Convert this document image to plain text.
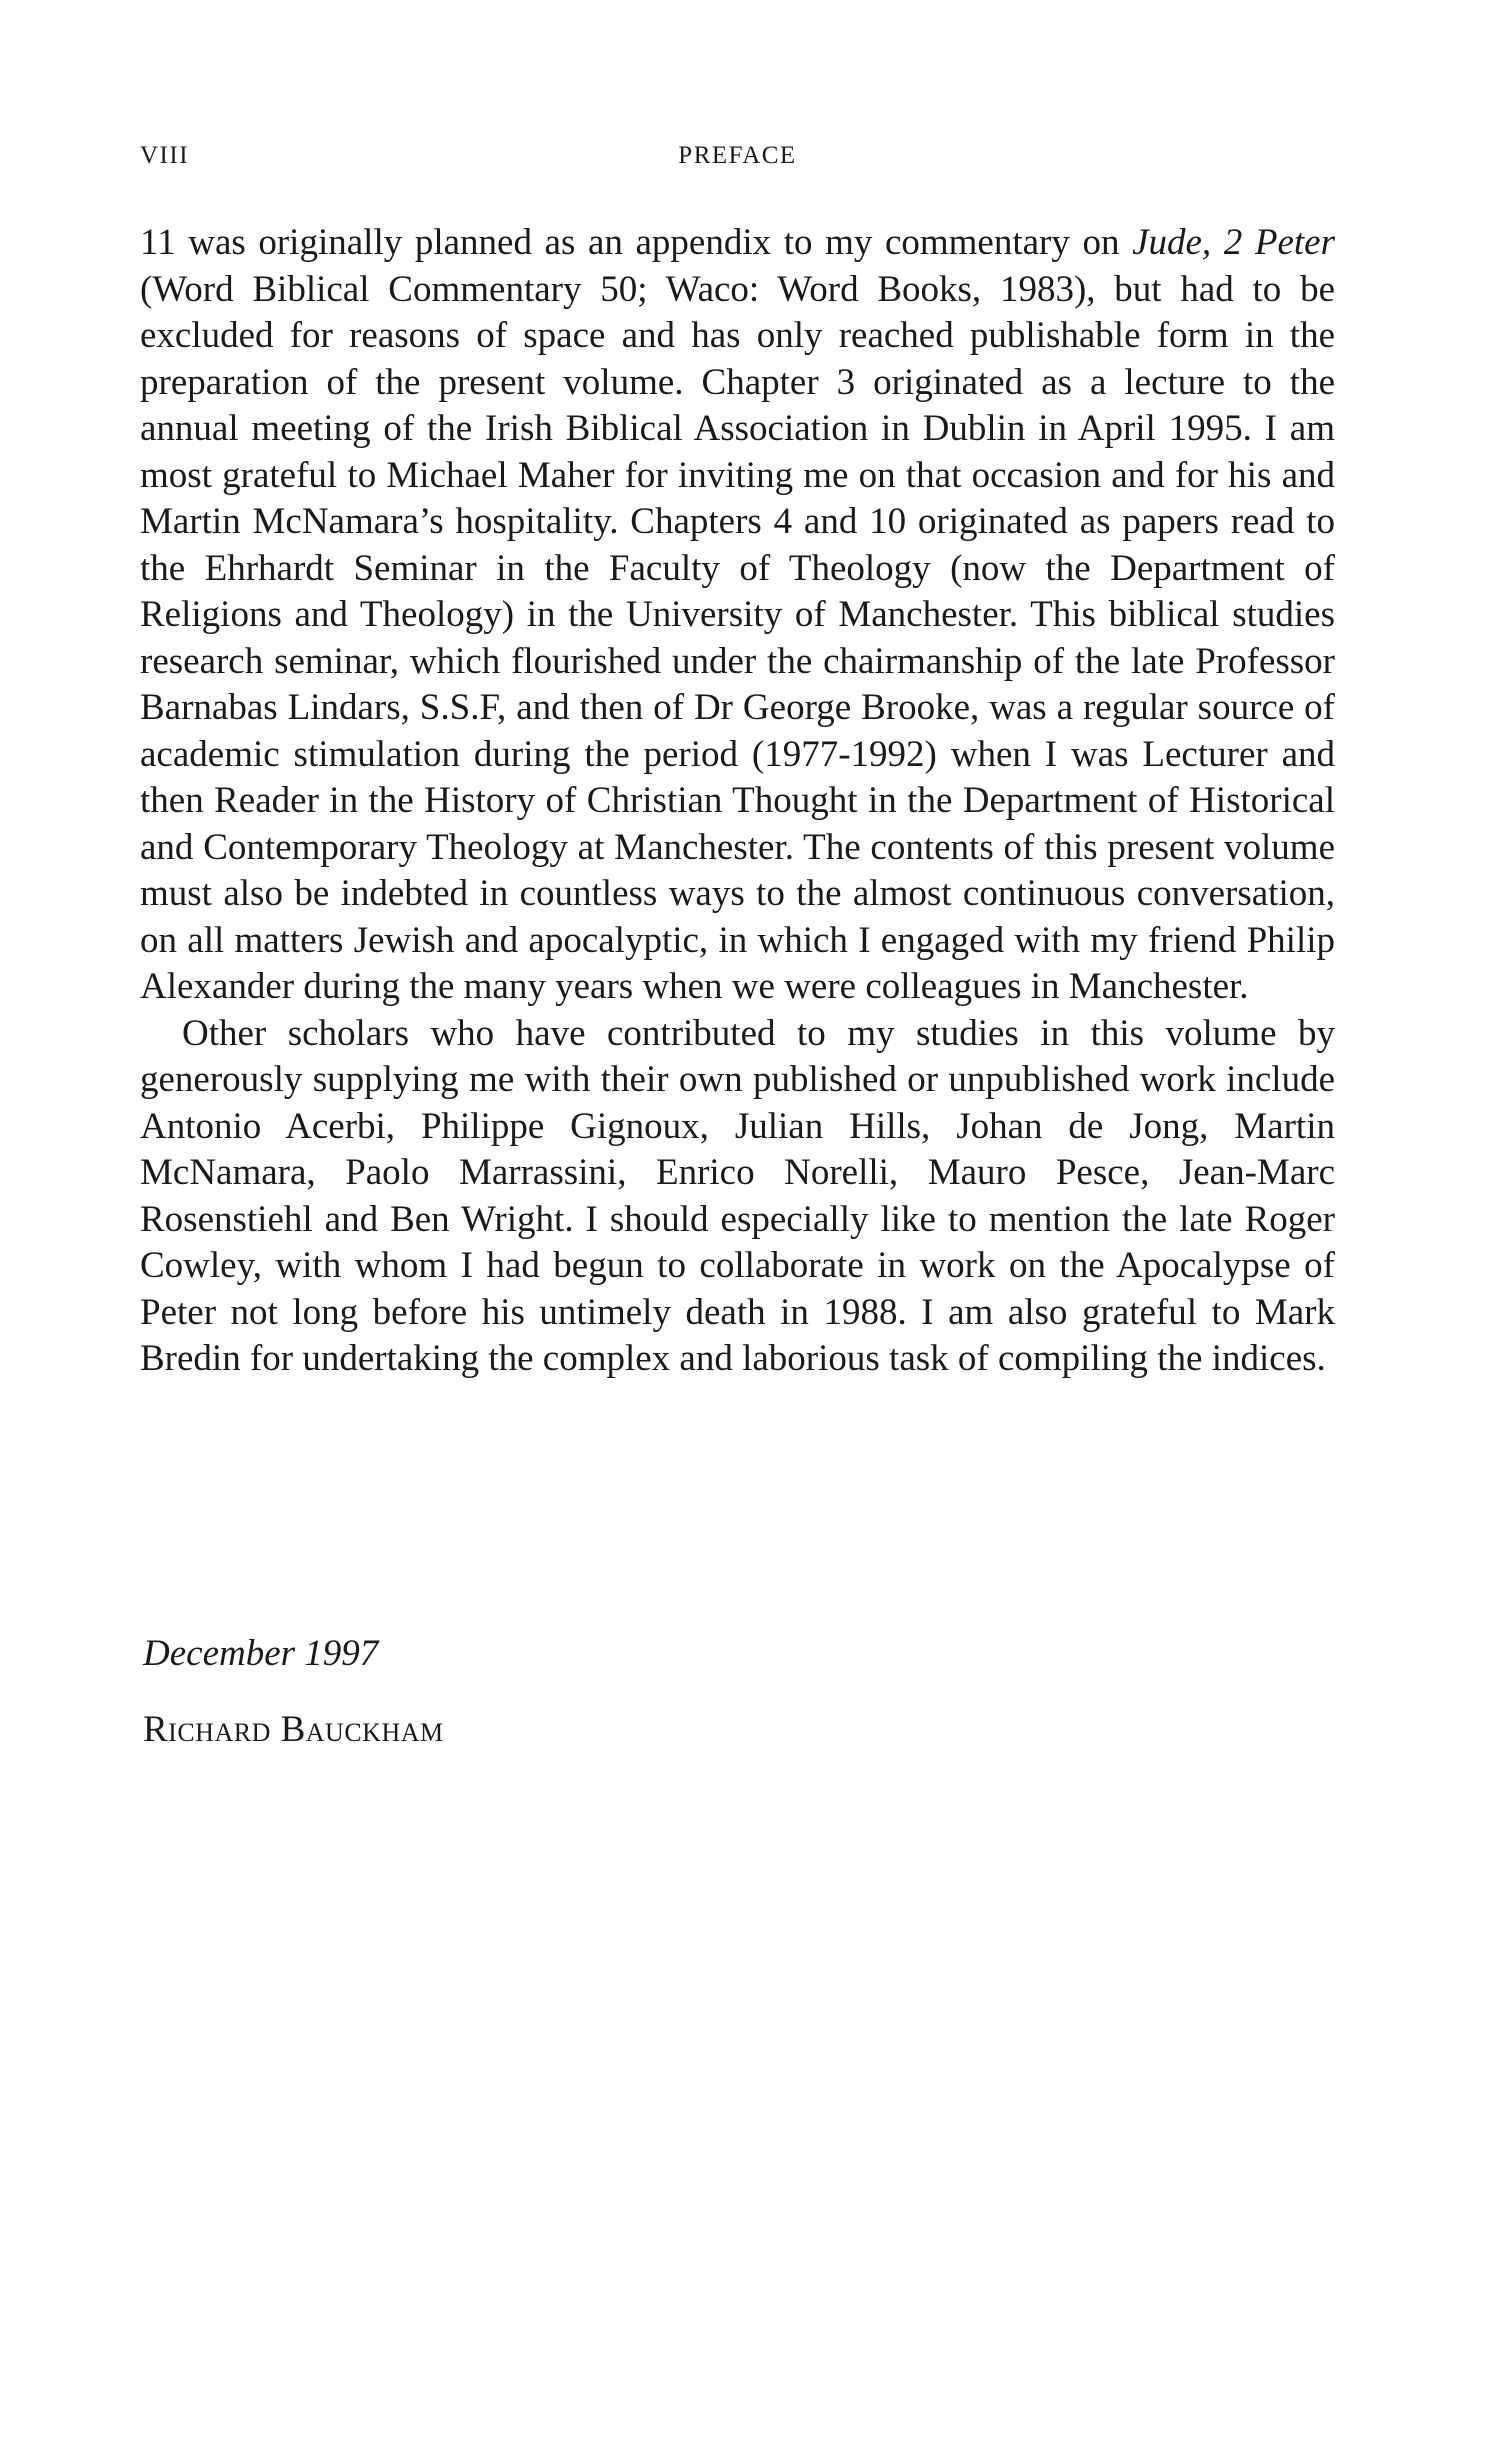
VIII	PREFACE

11 was originally planned as an appendix to my commentary on Jude, 2 Peter (Word Biblical Commentary 50; Waco: Word Books, 1983), but had to be excluded for reasons of space and has only reached publishable form in the preparation of the present volume. Chapter 3 originated as a lecture to the annual meeting of the Irish Biblical Association in Dublin in April 1995. I am most grateful to Michael Maher for inviting me on that occasion and for his and Martin McNamara’s hospitality. Chapters 4 and 10 originated as papers read to the Ehrhardt Seminar in the Faculty of Theology (now the Department of Religions and Theology) in the University of Manchester. This biblical studies research seminar, which flourished under the chairmanship of the late Professor Barnabas Lindars, S.S.F, and then of Dr George Brooke, was a regular source of academic stimulation during the period (1977-1992) when I was Lecturer and then Reader in the History of Christian Thought in the Department of Historical and Contemporary Theology at Manchester. The contents of this present volume must also be indebted in countless ways to the almost continuous conversation, on all matters Jewish and apocalyptic, in which I engaged with my friend Philip Alexander during the many years when we were colleagues in Manchester.

Other scholars who have contributed to my studies in this volume by generously supplying me with their own published or unpublished work include Antonio Acerbi, Philippe Gignoux, Julian Hills, Johan de Jong, Martin McNamara, Paolo Marrassini, Enrico Norelli, Mauro Pesce, Jean-Marc Rosenstiehl and Ben Wright. I should especially like to mention the late Roger Cowley, with whom I had begun to collaborate in work on the Apocalypse of Peter not long before his untimely death in 1988. I am also grateful to Mark Bredin for undertaking the complex and laborious task of compiling the indices.

December 1997
Richard Bauckham
